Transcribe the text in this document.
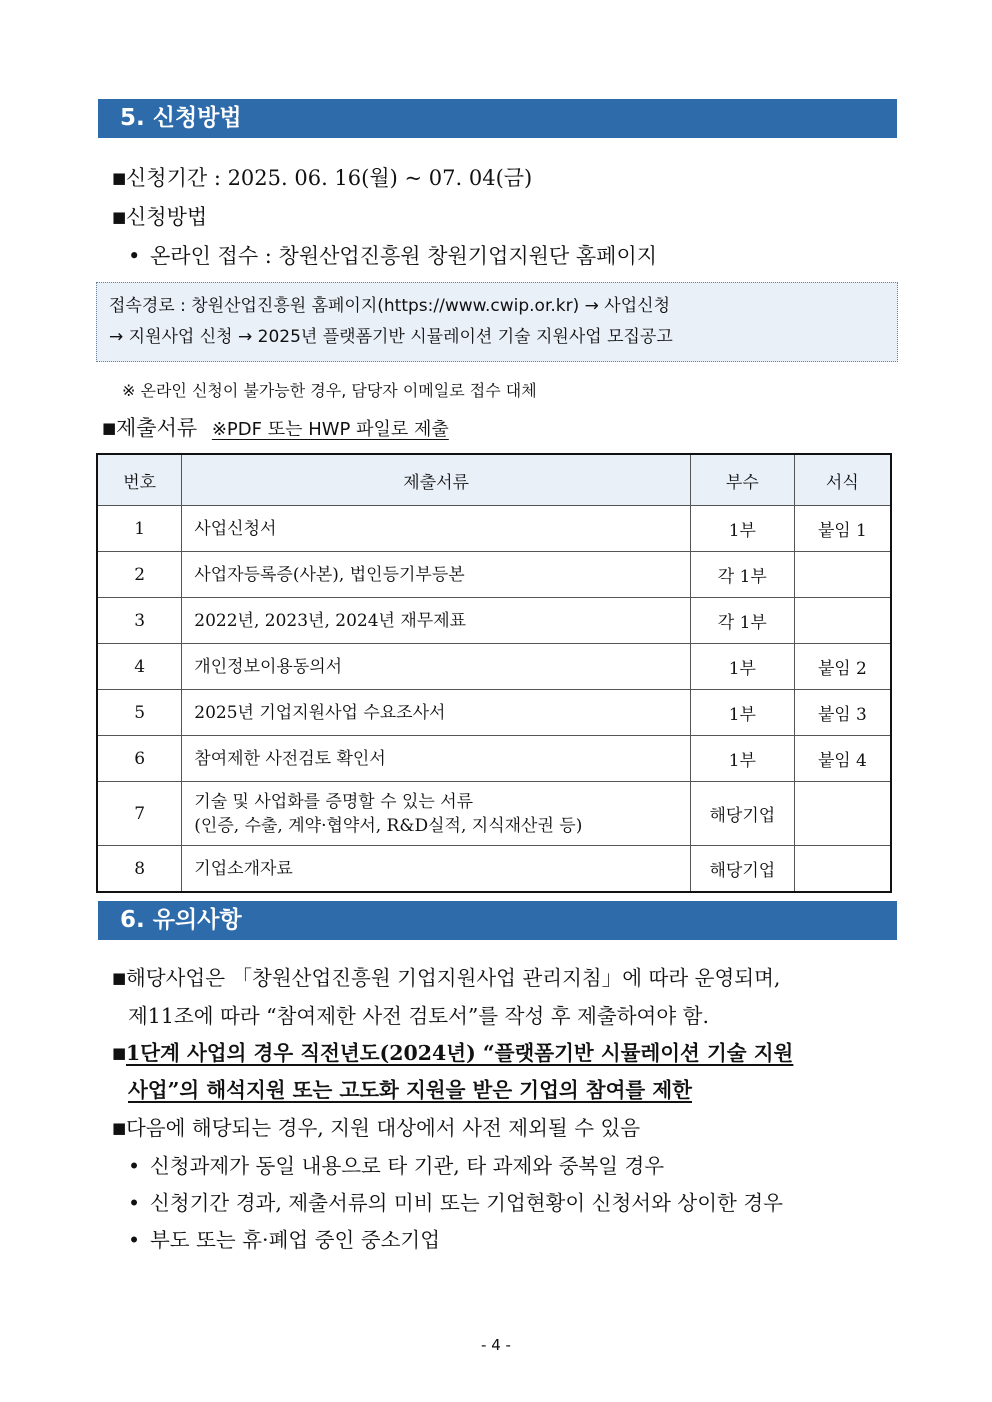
5. 신청방법
■신청기간 : 2025. 06. 16(월) ~ 07. 04(금)
■신청방법
• 온라인 접수 : 창원산업진흥원 창원기업지원단 홈페이지
접속경로 : 창원산업진흥원 홈페이지(https://www.cwip.or.kr) → 사업신청
→ 지원사업 신청 → 2025년 플랫폼기반 시뮬레이션 기술 지원사업 모집공고
※ 온라인 신청이 불가능한 경우, 담당자 이메일로 접수 대체
■제출서류 ※PDF 또는 HWP 파일로 제출
번호	제출서류	부수	서식
1	사업신청서	1부	붙임 1
2	사업자등록증(사본), 법인등기부등본	각 1부	
3	2022년, 2023년, 2024년 재무제표	각 1부	
4	개인정보이용동의서	1부	붙임 2
5	2025년 기업지원사업 수요조사서	1부	붙임 3
6	참여제한 사전검토 확인서	1부	붙임 4
7	기술 및 사업화를 증명할 수 있는 서류
(인증, 수출, 계약·협약서, R&D실적, 지식재산권 등)	해당기업	
8	기업소개자료	해당기업	
6. 유의사항
■해당사업은 「창원산업진흥원 기업지원사업 관리지침」에 따라 운영되며,
제11조에 따라 “참여제한 사전 검토서”를 작성 후 제출하여야 함.
■1단계 사업의 경우 직전년도(2024년) “플랫폼기반 시뮬레이션 기술 지원
사업”의 해석지원 또는 고도화 지원을 받은 기업의 참여를 제한
■다음에 해당되는 경우, 지원 대상에서 사전 제외될 수 있음
• 신청과제가 동일 내용으로 타 기관, 타 과제와 중복일 경우
• 신청기간 경과, 제출서류의 미비 또는 기업현황이 신청서와 상이한 경우
• 부도 또는 휴·폐업 중인 중소기업
- 4 -
